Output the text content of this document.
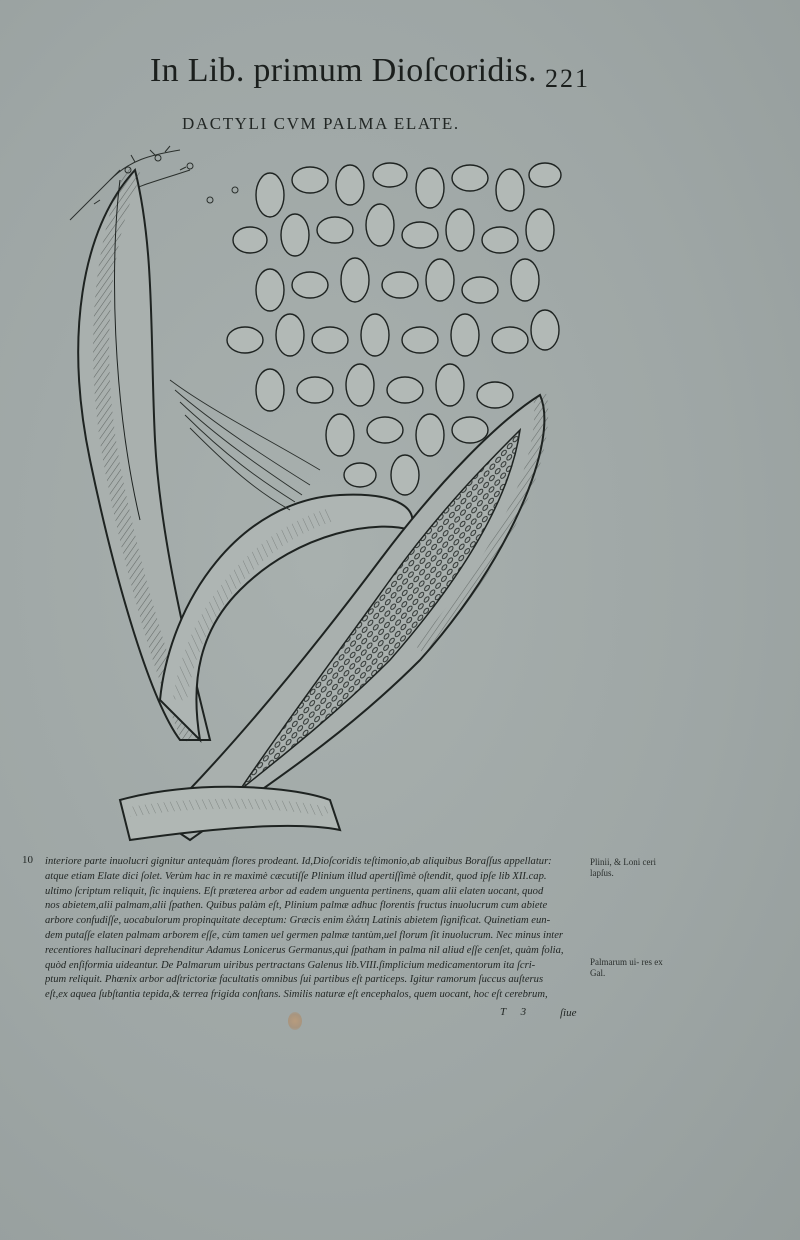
In Lib. primum Dioſcoridis. 221
DACTYLI CVM PALMA ELATE.
10 interiore parte inuolucri gignitur antequàm flores prodeant. Id,Dioſcoridis teſtimonio,ab aliquibus Boraſſus appellatur:
atque etiam Elate dici ſolet. Verùm hac in re maximè cæcutiſſe Plinium illud apertiſſimè oſtendit, quod ipſe lib XII.cap.
ultimo ſcriptum reliquit, ſic inquiens. Eſt præterea arbor ad eadem unguenta pertinens, quam alii elaten uocant, quod
nos abietem,alii palmam,alii ſpathen. Quibus palàm eſt, Plinium palmæ adhuc florentis fructus inuolucrum cum abiete
arbore confudiſſe, uocabulorum propinquitate deceptum: Græcis enim ἐλάτη Latinis abietem ſignificat. Quinetiam eun-
dem putaſſe elaten palmam arborem eſſe, cùm tamen uel germen palmæ tantùm,uel florum ſit inuolucrum. Nec minus inter
recentiores hallucinari deprehenditur Adamus Lonicerus Germanus,qui ſpatham in palma nil aliud eſſe cenſet, quàm folia,
quòd enſiformia uideantur. De Palmarum uiribus pertractans Galenus lib.VIII.ſimplicium medicamentorum ita ſcri-
ptum reliquit. Phœnix arbor adſtrictoriæ facultatis omnibus ſui partibus eſt particeps. Igitur ramorum ſuccus auſterus
eſt,ex aquea ſubſtantia tepida,& terrea frigida conſtans. Similis naturæ eſt encephalos, quem uocant, hoc eſt cerebrum,
Plinii, & Loni ceri lapſus.
Palmarum ui- res ex Gal.
T 3	ſiue
